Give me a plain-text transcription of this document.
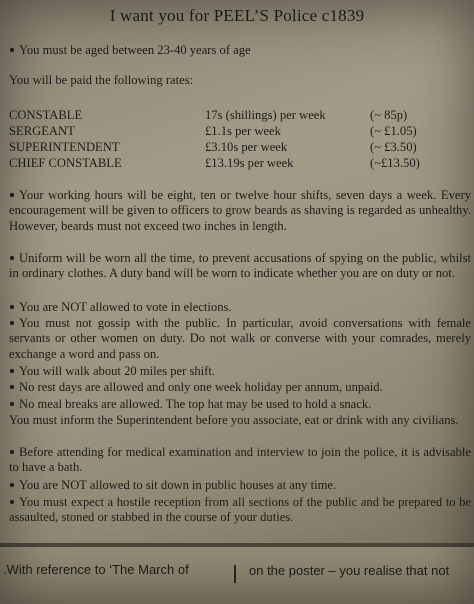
I want you for PEEL’S Police c1839
You must be aged between 23-40 years of age
You will be paid the following rates:
CONSTABLE	17s (shillings) per week	(~ 85p)
SERGEANT	£1.1s per week	(~ £1.05)
SUPERINTENDENT	£3.10s per week	(~ £3.50)
CHIEF CONSTABLE	£13.19s per week	(~£13.50)
Your working hours will be eight, ten or twelve hour shifts, seven days a week. Every encouragement will be given to officers to grow beards as shaving is regarded as unhealthy. However, beards must not exceed two inches in length.
Uniform will be worn all the time, to prevent accusations of spying on the public, whilst in ordinary clothes. A duty band will be worn to indicate whether you are on duty or not.
You are NOT allowed to vote in elections.
You must not gossip with the public. In particular, avoid conversations with female servants or other women on duty. Do not walk or converse with your comrades, merely exchange a word and pass on.
You will walk about 20 miles per shift.
No rest days are allowed and only one week holiday per annum, unpaid.
No meal breaks are allowed. The top hat may be used to hold a snack.
You must inform the Superintendent before you associate, eat or drink with any civilians.
Before attending for medical examination and interview to join the police, it is advisable to have a bath.
You are NOT allowed to sit down in public houses at any time.
You must expect a hostile reception from all sections of the public and be prepared to be assaulted, stoned or stabbed in the course of your duties.
.With reference to ‘The March of	on the poster – you realise that not
